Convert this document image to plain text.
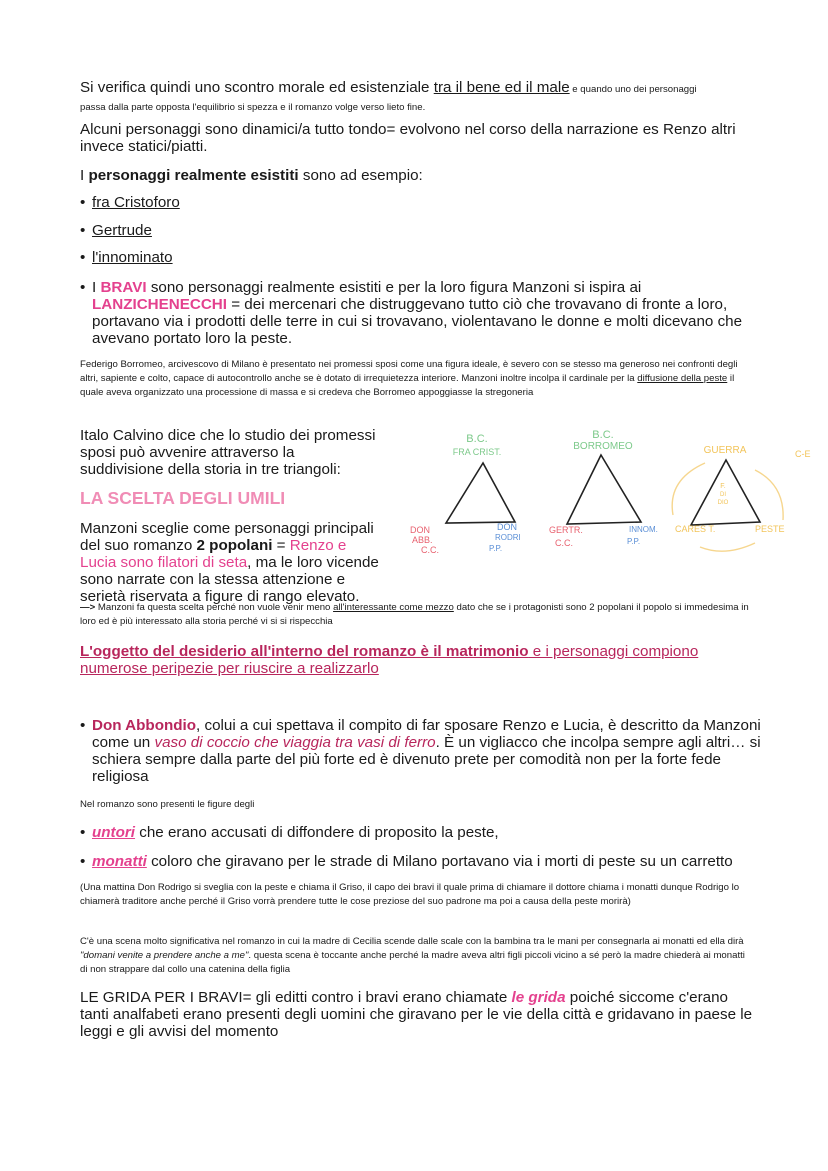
Si verifica quindi uno scontro morale ed esistenziale tra il bene ed il male e quando uno dei personaggi
passa dalla parte opposta l'equilibrio si spezza e il romanzo volge verso lieto fine.
Alcuni personaggi sono dinamici/a tutto tondo= evolvono nel corso della narrazione es Renzo altri invece statici/piatti.
I personaggi realmente esistiti sono ad esempio:
• fra Cristoforo
• Gertrude
• l'innominato
• I BRAVI sono personaggi realmente esistiti e per la loro figura Manzoni si ispira ai LANZICHENECCHI = dei mercenari che distruggevano tutto ciò che trovavano di fronte a loro, portavano via i prodotti delle terre in cui si trovavano, violentavano le donne e molti dicevano che avevano portato loro la peste.
Federigo Borromeo, arcivescovo di Milano è presentato nei promessi sposi come una figura ideale, è severo con se stesso ma generoso nei confronti degli altri, sapiente e colto, capace di autocontrollo anche se è dotato di irrequietezza interiore. Manzoni inoltre incolpa il cardinale per la diffusione della peste il quale aveva organizzato una processione di massa e si credeva che Borromeo appoggiasse la stregoneria
Italo Calvino dice che lo studio dei promessi sposi può avvenire attraverso la suddivisione della storia in tre triangoli:
LA SCELTA DEGLI UMILI
Manzoni sceglie come personaggi principali del suo romanzo 2 popolani = Renzo e Lucia sono filatori di seta, ma le loro vicende sono narrate con la stessa attenzione e serietà riservata a figure di rango elevato.
B.C.
FRA CRIST.
DON
ABB.
C.C.
DON
RODRI
P.P.
B.C.
BORROMEO
GERTR.
C.C.
INNOM.
P.P.
GUERRA	C-E
F.
DI
DIO
CARES T.	PESTE
—> Manzoni fa questa scelta perché non vuole venir meno all'interessante come mezzo dato che se i protagonisti sono 2 popolani il popolo si immedesima in loro ed è più interessato alla storia perché vi si si rispecchia
L'oggetto del desiderio all'interno del romanzo è il matrimonio e i personaggi compiono numerose peripezie per riuscire a realizzarlo
• Don Abbondio, colui a cui spettava il compito di far sposare Renzo e Lucia, è descritto da Manzoni come un vaso di coccio che viaggia tra vasi di ferro. È un vigliacco che incolpa sempre agli altri… si schiera sempre dalla parte del più forte ed è divenuto prete per comodità non per la forte fede religiosa
Nel romanzo sono presenti le figure degli
• untori che erano accusati di diffondere di proposito la peste,
• monatti coloro che giravano per le strade di Milano portavano via i morti di peste su un carretto
(Una mattina Don Rodrigo si sveglia con la peste e chiama il Griso, il capo dei bravi il quale prima di chiamare il dottore chiama i monatti dunque Rodrigo lo chiamerà traditore anche perché il Griso vorrà prendere tutte le cose preziose del suo padrone ma poi a causa della peste morirà)
C'è una scena molto significativa nel romanzo in cui la madre di Cecilia scende dalle scale con la bambina tra le mani per consegnarla ai monatti ed ella dirà "domani venite a prendere anche a me". questa scena è toccante anche perché la madre aveva altri figli piccoli vicino a sé però la madre chiederà ai monatti di non strappare dal collo una catenina della figlia
LE GRIDA PER I BRAVI= gli editti contro i bravi erano chiamate le grida poiché siccome c'erano tanti analfabeti erano presenti degli uomini che giravano per le vie della città e gridavano in paese le leggi e gli avvisi del momento
